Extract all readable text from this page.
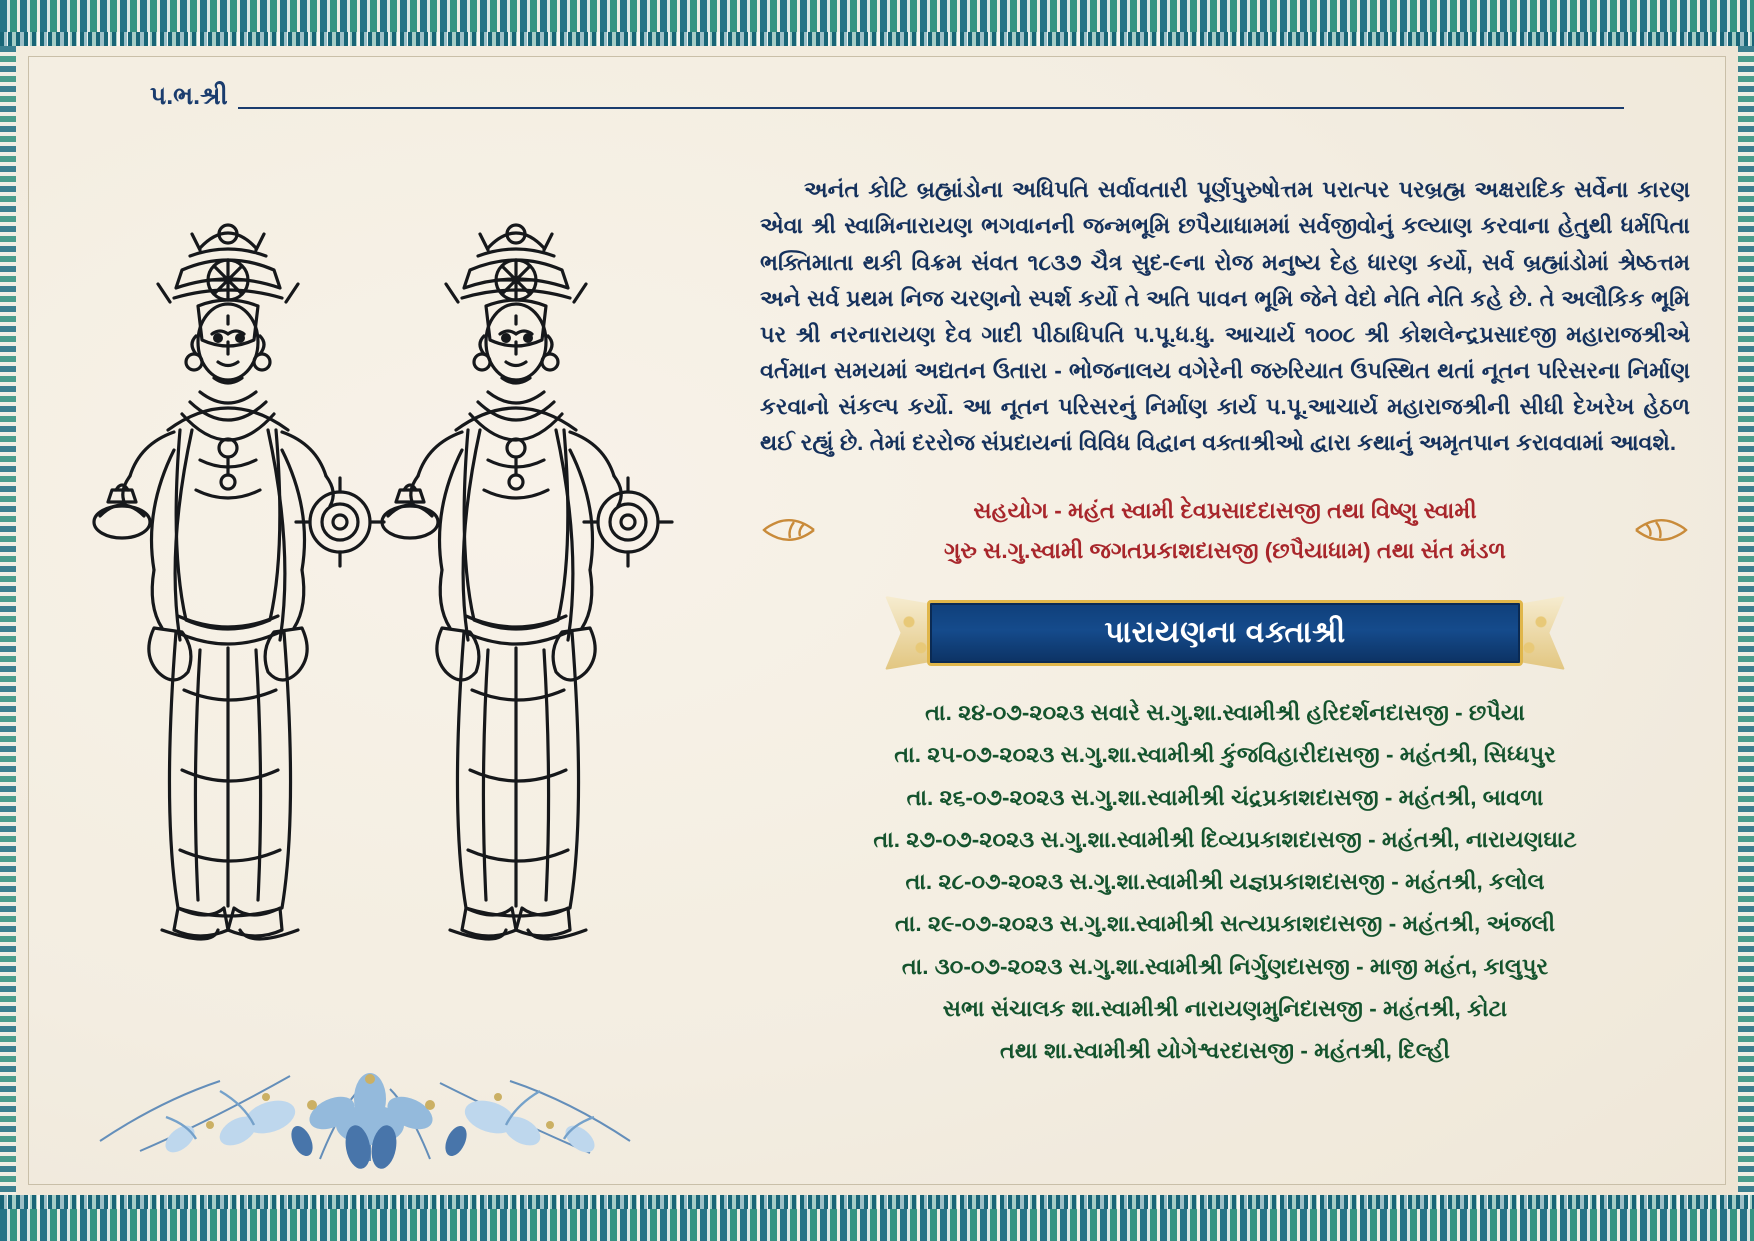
પ.ભ.શ્રી

અનંત કોટિ બ્રહ્માંડોના અધિપતિ સર્વાવતારી પૂર્ણપુરુષોત્તમ પરાત્પર પરબ્રહ્મ અક્ષરાદિક સર્વેના કારણ એવા શ્રી સ્વામિનારાયણ ભગવાનની જન્મભૂમિ છપૈયાધામમાં સર્વજીવોનું કલ્યાણ કરવાના હેતુથી ધર્મપિતા ભક્તિમાતા થકી વિક્રમ સંવત ૧૮૩૭ ચૈત્ર સુદ-૯ના રોજ મનુષ્ય દેહ ધારણ કર્યો, સર્વ બ્રહ્માંડોમાં શ્રેષ્ઠત્તમ અને સર્વ પ્રથમ નિજ ચરણનો સ્પર્શ કર્યો તે અતિ પાવન ભૂમિ જેને વેદો નેતિ નેતિ કહે છે. તે અલૌકિક ભૂમિ પર શ્રી નરનારાયણ દેવ ગાદી પીઠાધિપતિ પ.પૂ.ધ.ધુ. આચાર્ય ૧૦૦૮ શ્રી કોશલેન્દ્રપ્રસાદજી મહારાજશ્રીએ વર્તમાન સમયમાં અદ્યતન ઉતારા - ભોજનાલય વગેરેની જરુરિયાત ઉપસ્થિત થતાં નૂતન પરિસરના નિર્માણ કરવાનો સંકલ્પ કર્યો. આ નૂતન પરિસરનું નિર્માણ કાર્ય પ.પૂ.આચાર્ય મહારાજશ્રીની સીધી દેખરેખ હેઠળ થઈ રહ્યું છે. તેમાં દરરોજ સંપ્રદાયનાં વિવિધ વિદ્વાન વક્તાશ્રીઓ દ્વારા કથાનું અમૃતપાન કરાવવામાં આવશે.

સહયોગ - મહંત સ્વામી દેવપ્રસાદદાસજી તથા વિષ્ણુ સ્વામી
ગુરુ સ.ગુ.સ્વામી જગતપ્રકાશદાસજી (છપૈયાધામ) તથા સંત મંડળ
પારાયણના વક્તાશ્રી
તા. ૨૪-૦૭-૨૦૨૩ સવારે સ.ગુ.શા.સ્વામીશ્રી હરિદર્શનદાસજી - છપૈયા
તા. ૨૫-૦૭-૨૦૨૩ સ.ગુ.શા.સ્વામીશ્રી કુંજવિહારીદાસજી - મહંતશ્રી, સિધ્ધપુર
તા. ૨૬-૦૭-૨૦૨૩ સ.ગુ.શા.સ્વામીશ્રી ચંદ્રપ્રકાશદાસજી - મહંતશ્રી, બાવળા
તા. ૨૭-૦૭-૨૦૨૩ સ.ગુ.શા.સ્વામીશ્રી દિવ્યપ્રકાશદાસજી - મહંતશ્રી, નારાયણઘાટ
તા. ૨૮-૦૭-૨૦૨૩ સ.ગુ.શા.સ્વામીશ્રી યજ્ઞપ્રકાશદાસજી - મહંતશ્રી, કલોલ
તા. ૨૯-૦૭-૨૦૨૩ સ.ગુ.શા.સ્વામીશ્રી સત્યપ્રકાશદાસજી - મહંતશ્રી, અંજલી
તા. ૩૦-૦૭-૨૦૨૩ સ.ગુ.શા.સ્વામીશ્રી નિર્ગુણદાસજી - માજી મહંત, કાલુપુર
સભા સંચાલક શા.સ્વામીશ્રી નારાયણમુનિદાસજી - મહંતશ્રી, કોટા
તથા શા.સ્વામીશ્રી યોગેશ્વરદાસજી - મહંતશ્રી, દિલ્હી
